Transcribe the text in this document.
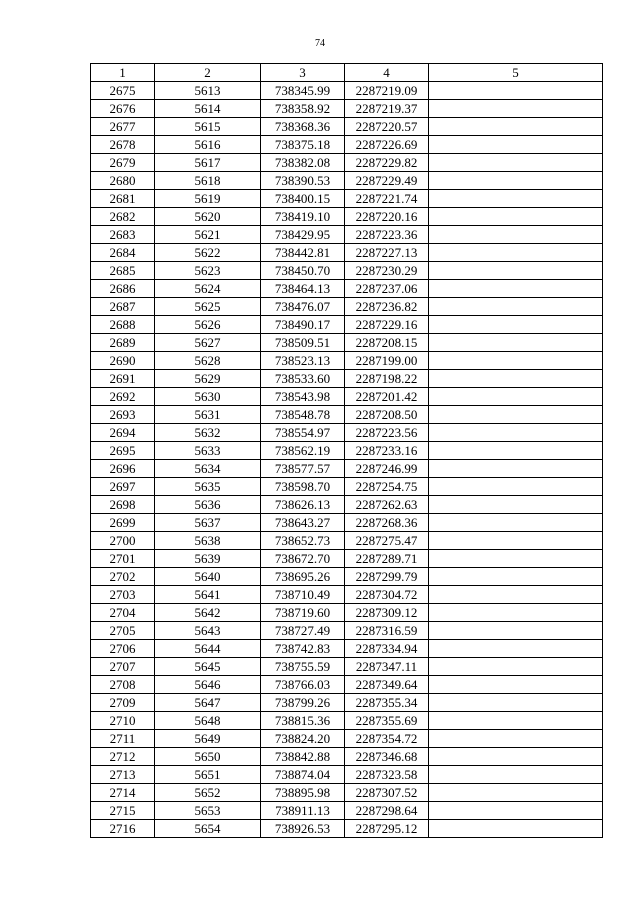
74
1	2	3	4	5
2675	5613	738345.99	2287219.09	
2676	5614	738358.92	2287219.37	
2677	5615	738368.36	2287220.57	
2678	5616	738375.18	2287226.69	
2679	5617	738382.08	2287229.82	
2680	5618	738390.53	2287229.49	
2681	5619	738400.15	2287221.74	
2682	5620	738419.10	2287220.16	
2683	5621	738429.95	2287223.36	
2684	5622	738442.81	2287227.13	
2685	5623	738450.70	2287230.29	
2686	5624	738464.13	2287237.06	
2687	5625	738476.07	2287236.82	
2688	5626	738490.17	2287229.16	
2689	5627	738509.51	2287208.15	
2690	5628	738523.13	2287199.00	
2691	5629	738533.60	2287198.22	
2692	5630	738543.98	2287201.42	
2693	5631	738548.78	2287208.50	
2694	5632	738554.97	2287223.56	
2695	5633	738562.19	2287233.16	
2696	5634	738577.57	2287246.99	
2697	5635	738598.70	2287254.75	
2698	5636	738626.13	2287262.63	
2699	5637	738643.27	2287268.36	
2700	5638	738652.73	2287275.47	
2701	5639	738672.70	2287289.71	
2702	5640	738695.26	2287299.79	
2703	5641	738710.49	2287304.72	
2704	5642	738719.60	2287309.12	
2705	5643	738727.49	2287316.59	
2706	5644	738742.83	2287334.94	
2707	5645	738755.59	2287347.11	
2708	5646	738766.03	2287349.64	
2709	5647	738799.26	2287355.34	
2710	5648	738815.36	2287355.69	
2711	5649	738824.20	2287354.72	
2712	5650	738842.88	2287346.68	
2713	5651	738874.04	2287323.58	
2714	5652	738895.98	2287307.52	
2715	5653	738911.13	2287298.64	
2716	5654	738926.53	2287295.12	
